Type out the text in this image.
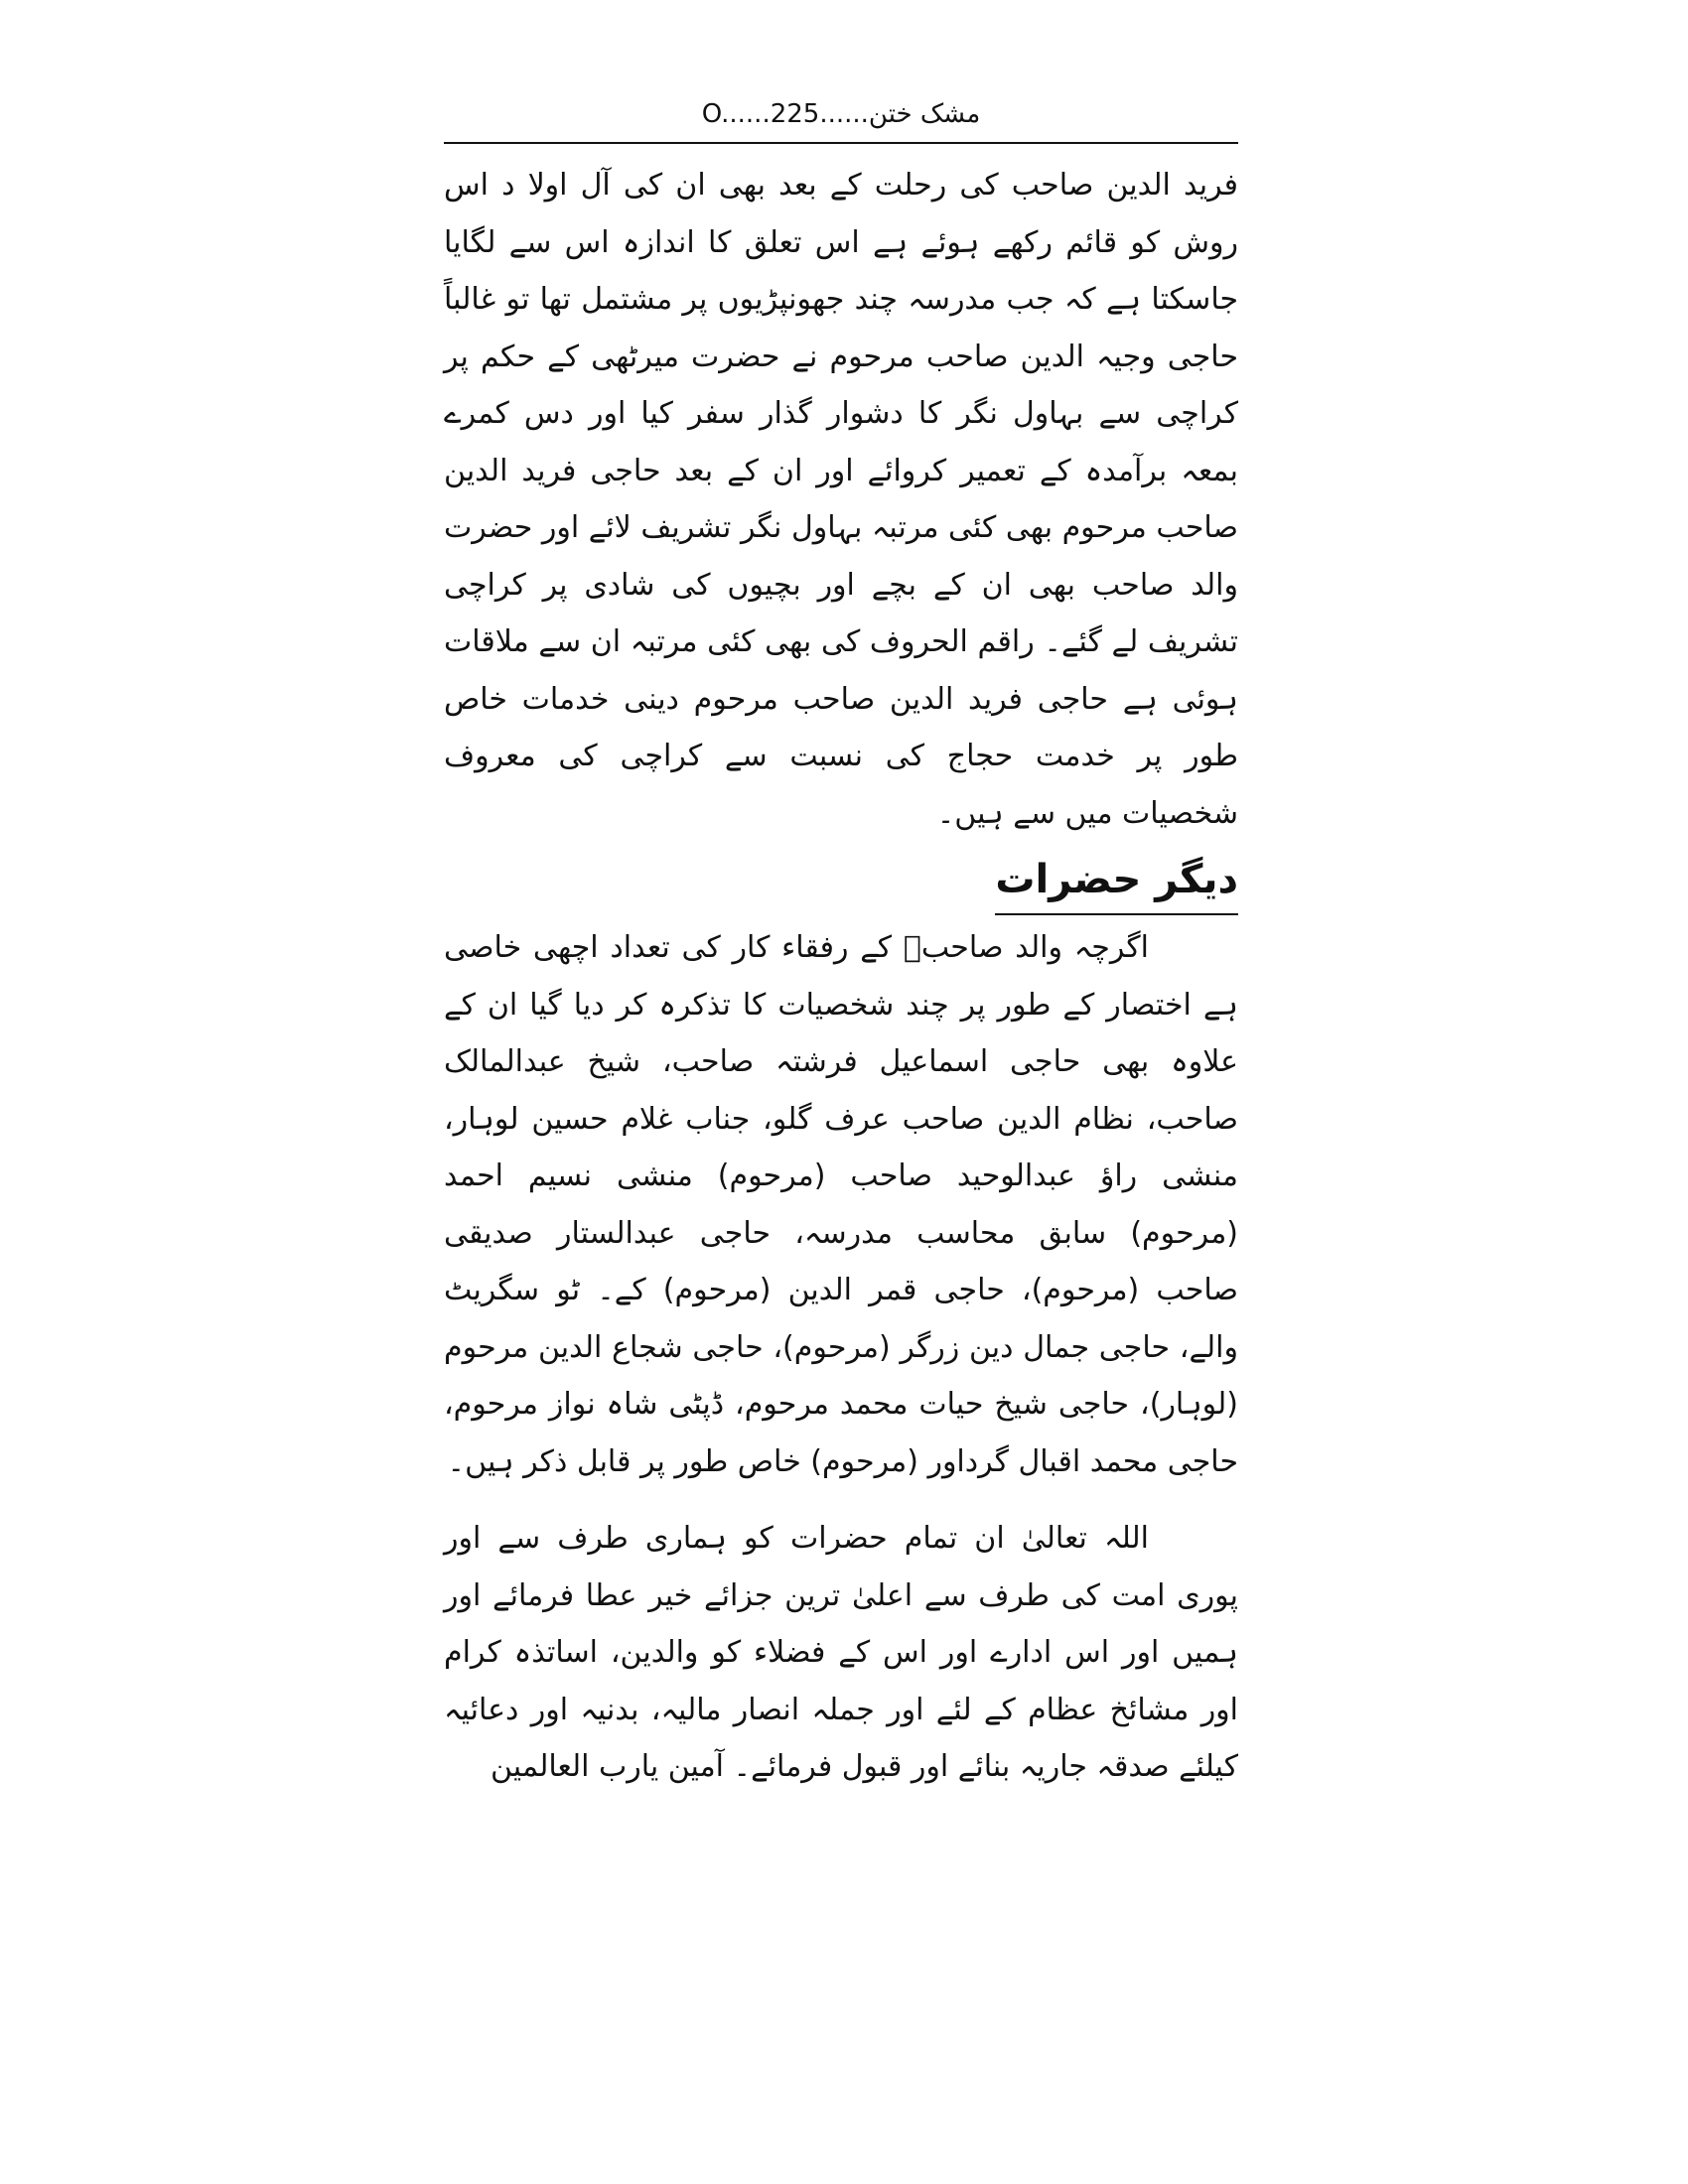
مشک ختن......O......225

فرید الدین صاحب کی رحلت کے بعد بھی ان کی آل اولا د اس روش کو قائم رکھے ہوئے ہے اس تعلق کا اندازہ اس سے لگایا جاسکتا ہے کہ جب مدرسہ چند جھونپڑیوں پر مشتمل تھا تو غالباً حاجی وجیہ الدین صاحب مرحوم نے حضرت میرٹھی کے حکم پر کراچی سے بہاول نگر کا دشوار گذار سفر کیا اور دس کمرے بمعہ برآمدہ کے تعمیر کروائے اور ان کے بعد حاجی فرید الدین صاحب مرحوم بھی کئی مرتبہ بہاول نگر تشریف لائے اور حضرت والد صاحب بھی ان کے بچے اور بچیوں کی شادی پر کراچی تشریف لے گئے۔ راقم الحروف کی بھی کئی مرتبہ ان سے ملاقات ہوئی ہے حاجی فرید الدین صاحب مرحوم دینی خدمات خاص طور پر خدمت حجاج کی نسبت سے کراچی کی معروف شخصیات میں سے ہیں۔

دیگر حضرات

اگرچہ والد صاحبؒ کے رفقاء کار کی تعداد اچھی خاصی ہے اختصار کے طور پر چند شخصیات کا تذکرہ کر دیا گیا ان کے علاوہ بھی حاجی اسماعیل فرشتہ صاحب، شیخ عبدالمالک صاحب، نظام الدین صاحب عرف گلو، جناب غلام حسین لوہار، منشی راؤ عبدالوحید صاحب (مرحوم) منشی نسیم احمد (مرحوم) سابق محاسب مدرسہ، حاجی عبدالستار صدیقی صاحب (مرحوم)، حاجی قمر الدین (مرحوم) کے۔ ٹو سگریٹ والے، حاجی جمال دین زرگر (مرحوم)، حاجی شجاع الدین مرحوم (لوہار)، حاجی شیخ حیات محمد مرحوم، ڈپٹی شاہ نواز مرحوم، حاجی محمد اقبال گرداور (مرحوم) خاص طور پر قابل ذکر ہیں۔

اللہ تعالیٰ ان تمام حضرات کو ہماری طرف سے اور پوری امت کی طرف سے اعلیٰ ترین جزائے خیر عطا فرمائے اور ہمیں اور اس ادارے اور اس کے فضلاء کو والدین، اساتذہ کرام اور مشائخ عظام کے لئے اور جملہ انصار مالیہ، بدنیہ اور دعائیہ کیلئے صدقہ جاریہ بنائے اور قبول فرمائے۔ آمین یارب العالمین
